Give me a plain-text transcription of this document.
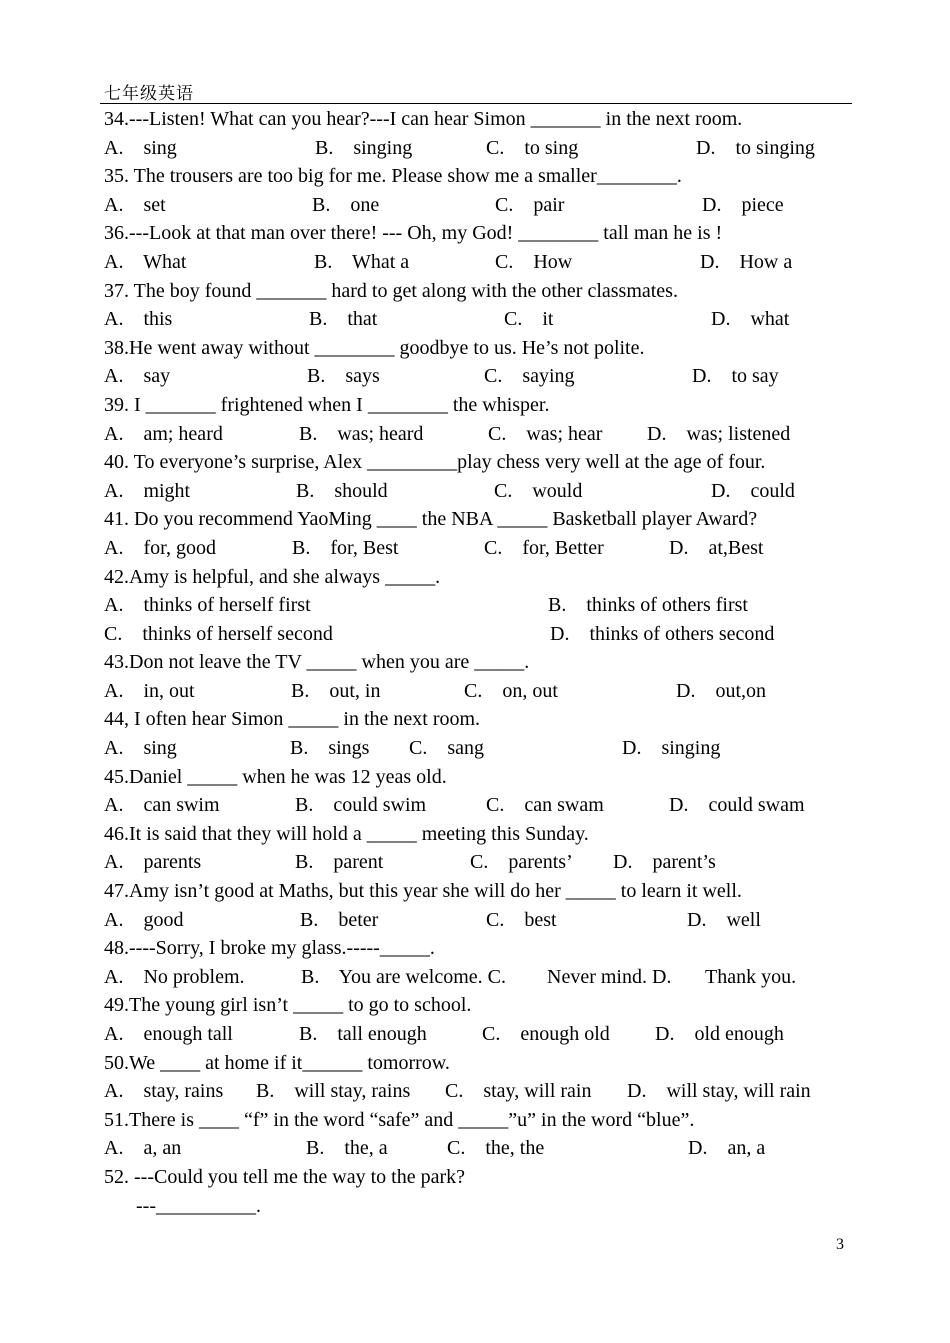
七年级英语
34.---Listen! What can you hear?---I can hear Simon _______ in the next room.
A.    sing	B.    singing	C.    to sing	D.    to singing
35. The trousers are too big for me. Please show me a smaller________.
A.    set	B.    one	C.    pair	D.    piece
36.---Look at that man over there! --- Oh, my God! ________ tall man he is !
A.    What	B.    What a	C.    How	D.    How a
37. The boy found _______ hard to get along with the other classmates.
A.    this	B.    that	C.    it	D.    what
38.He went away without ________ goodbye to us. He’s not polite.
A.    say	B.    says	C.    saying	D.    to say
39. I _______ frightened when I ________ the whisper.
A.    am; heard	B.    was; heard	C.    was; hear D.    was; listened
40. To everyone’s surprise, Alex _________play chess very well at the age of four.
A.    might	B.    should	C.    would	D.    could
41. Do you recommend YaoMing ____ the NBA _____ Basketball player Award?
A.    for, good	B.    for, Best	C.    for, Better	D.    at,Best
42.Amy is helpful, and she always _____.
A.    thinks of herself first	B.    thinks of others first
C.    thinks of herself second	D.    thinks of others second
43.Don not leave the TV _____ when you are _____.
A.    in, out	B.    out, in	C.    on, out	D.    out,on
44, I often hear Simon _____ in the next room.
A.    sing	B.    sings C.    sang	D.    singing
45.Daniel _____ when he was 12 yeas old.
A.    can swim	B.    could swim	C.    can swam	D.    could swam
46.It is said that they will hold a _____ meeting this Sunday.
A.    parents	B.    parent	C.    parents’ D.    parent’s
47.Amy isn’t good at Maths, but this year she will do her _____ to learn it well.
A.    good	B.    beter	C.    best	D.    well
48.----Sorry, I broke my glass.-----_____.
A.    No problem.	B.    You are welcome. C. Never mind. D. Thank you.
49.The young girl isn’t _____ to go to school.
A.    enough tall	B.    tall enough	C.    enough old D.    old enough
50.We ____ at home if it______ tomorrow.
A.    stay, rains B.    will stay, rains C.    stay, will rain D.    will stay, will rain
51.There is ____ “f” in the word “safe” and _____”u” in the word “blue”.
A.    a, an	B.    the, a	C.    the, the	D.    an, a
52. ---Could you tell me the way to the park?
---__________.
3
